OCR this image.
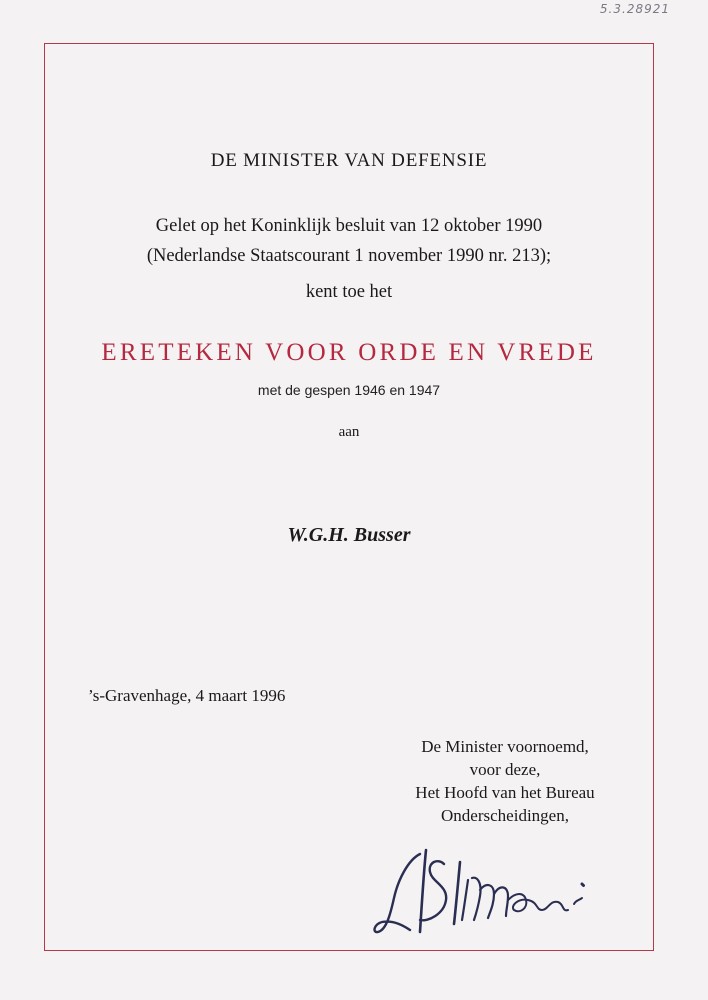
5.3.28921
DE MINISTER VAN DEFENSIE
Gelet op het Koninklijk besluit van 12 oktober 1990
(Nederlandse Staatscourant 1 november 1990 nr. 213);
kent toe het
ERETEKEN VOOR ORDE EN VREDE
met de gespen 1946 en 1947
aan
W.G.H. Busser
’s-Gravenhage, 4 maart 1996
De Minister voornoemd,
voor deze,
Het Hoofd van het Bureau
Onderscheidingen,
